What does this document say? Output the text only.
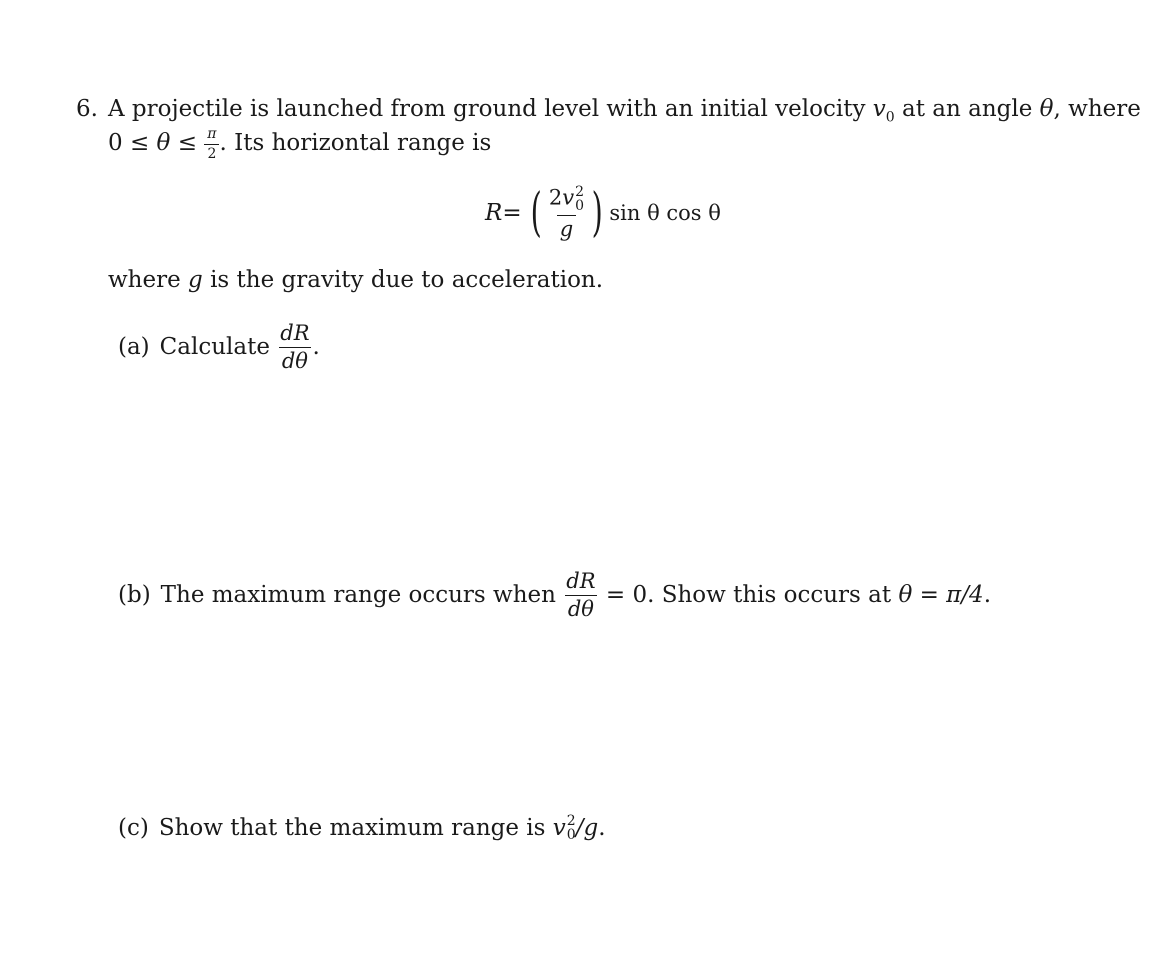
6. A projectile is launched from ground level with an initial velocity $v_0$ at an angle θ, where
$0 \le \theta \le \frac{\pi}{2}$ . Its horizontal range is
R = ( 2v 2
0
g ) sin θ cos θ
where g is the gravity due to acceleration.
(a) Calculate $\frac{dR}{d\theta}$ .
(b) The maximum range occurs when $\frac{dR}{d\theta} = 0$. Show this occurs at θ = π/4 .
(c) Show that the maximum range is v 2
0 /g .
